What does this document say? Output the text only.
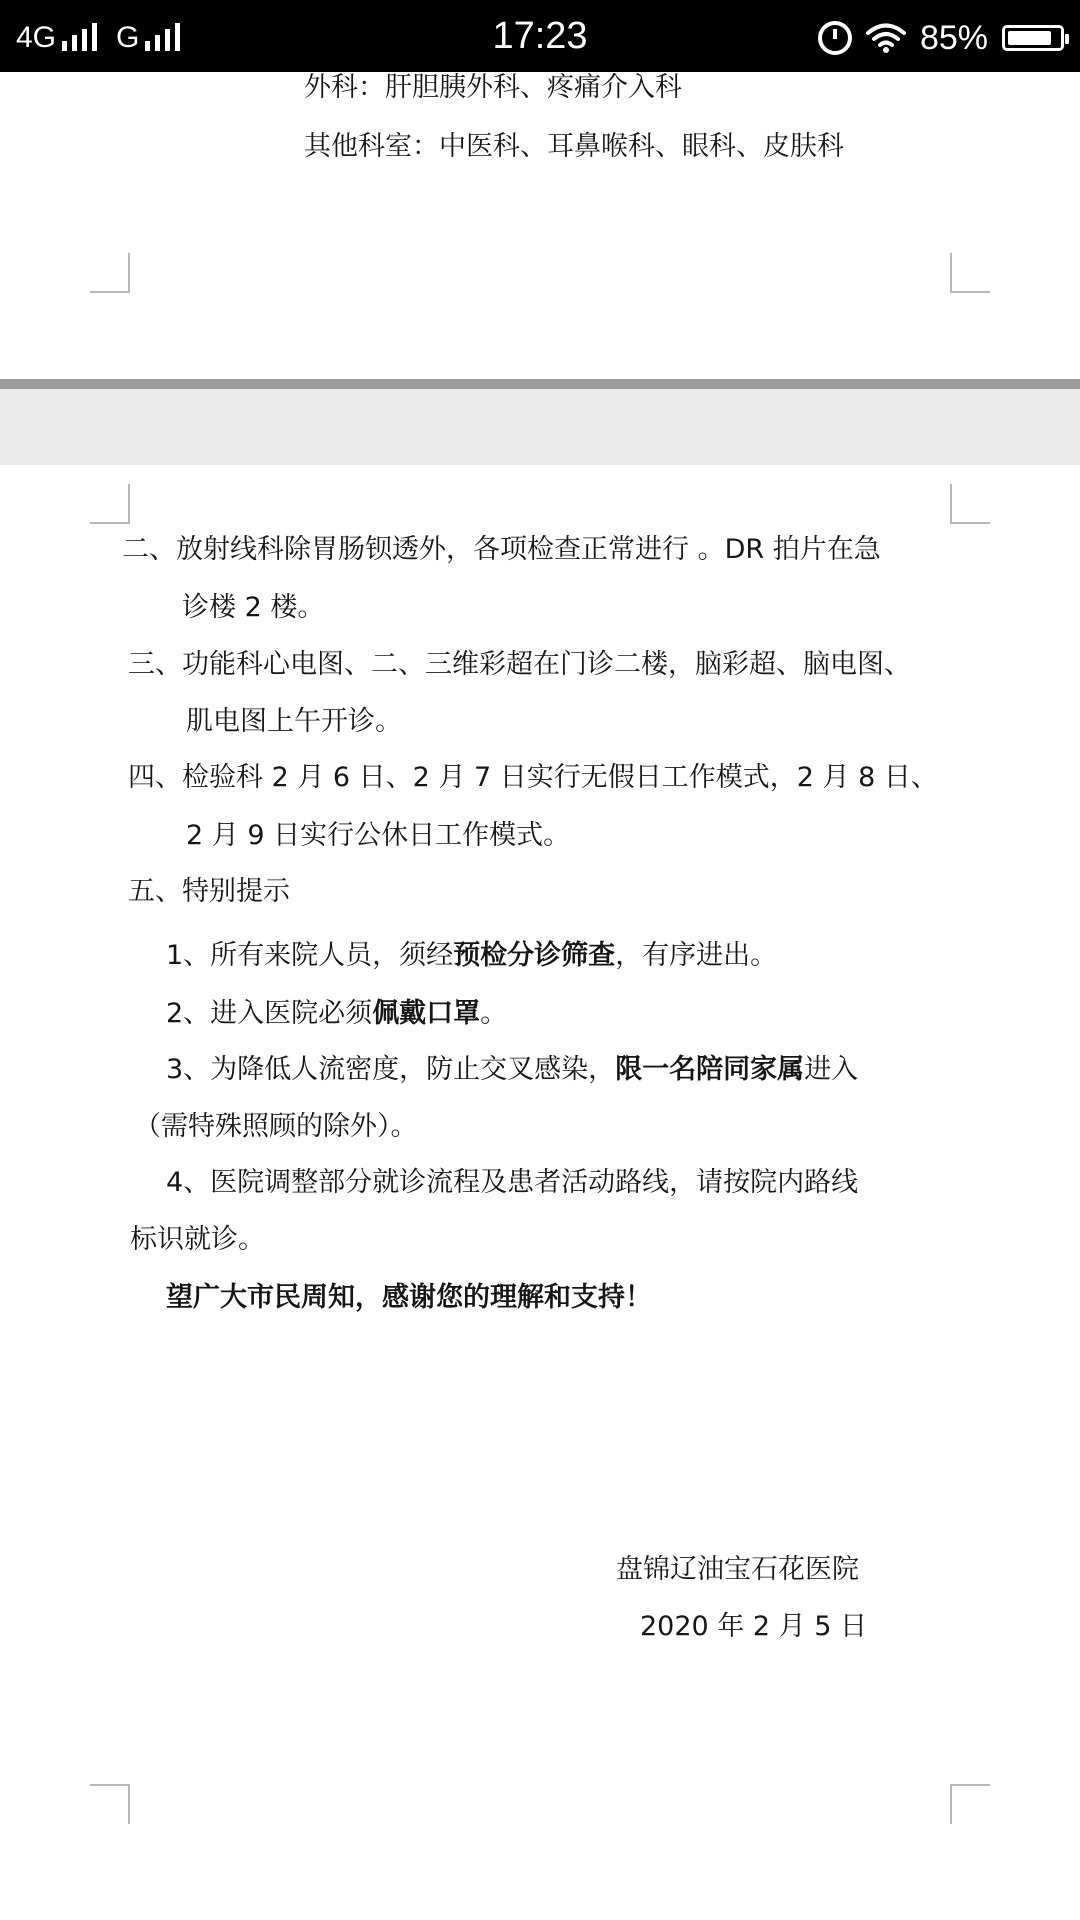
4G G	17:23	85%
外科：肝胆胰外科、疼痛介入科
其他科室：中医科、耳鼻喉科、眼科、皮肤科
二、放射线科除胃肠钡透外，各项检查正常进行 。DR 拍片在急
诊楼 2 楼。
三、功能科心电图、二、三维彩超在门诊二楼，脑彩超、脑电图、
肌电图上午开诊。
四、检验科 2 月 6 日、2 月 7 日实行无假日工作模式，2 月 8 日、
2 月 9 日实行公休日工作模式。
五、特别提示
1、所有来院人员，须经预检分诊筛查，有序进出。
2、进入医院必须佩戴口罩。
3、为降低人流密度，防止交叉感染，限一名陪同家属进入
（需特殊照顾的除外）。
4、医院调整部分就诊流程及患者活动路线，请按院内路线
标识就诊。
望广大市民周知，感谢您的理解和支持！
盘锦辽油宝石花医院
2020 年 2 月 5 日
